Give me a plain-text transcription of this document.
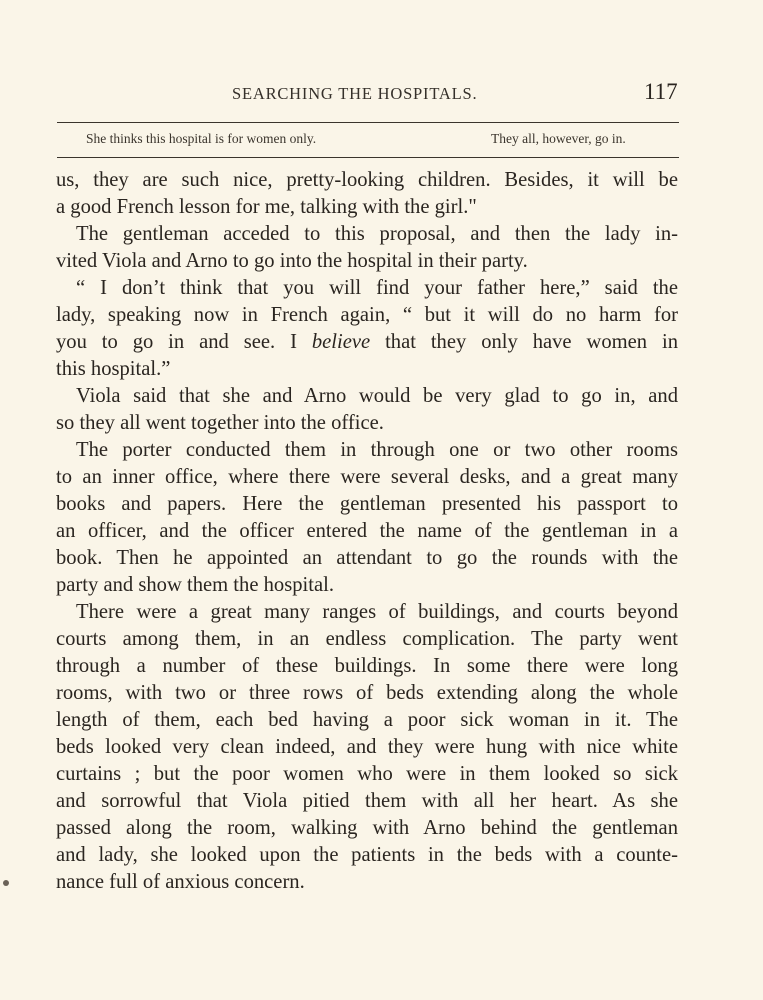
SEARCHING THE HOSPITALS.	117
She thinks this hospital is for women only.	They all, however, go in.
us, they are such nice, pretty-looking children. Besides, it will be
a good French lesson for me, talking with the girl."
The gentleman acceded to this proposal, and then the lady in-
vited Viola and Arno to go into the hospital in their party.
“ I don’t think that you will find your father here,” said the
lady, speaking now in French again, “ but it will do no harm for
you to go in and see. I believe that they only have women in
this hospital.”
Viola said that she and Arno would be very glad to go in, and
so they all went together into the office.
The porter conducted them in through one or two other rooms
to an inner office, where there were several desks, and a great many
books and papers. Here the gentleman presented his passport to
an officer, and the officer entered the name of the gentleman in a
book. Then he appointed an attendant to go the rounds with the
party and show them the hospital.
There were a great many ranges of buildings, and courts beyond
courts among them, in an endless complication. The party went
through a number of these buildings. In some there were long
rooms, with two or three rows of beds extending along the whole
length of them, each bed having a poor sick woman in it. The
beds looked very clean indeed, and they were hung with nice white
curtains ; but the poor women who were in them looked so sick
and sorrowful that Viola pitied them with all her heart. As she
passed along the room, walking with Arno behind the gentleman
and lady, she looked upon the patients in the beds with a counte-
nance full of anxious concern.
